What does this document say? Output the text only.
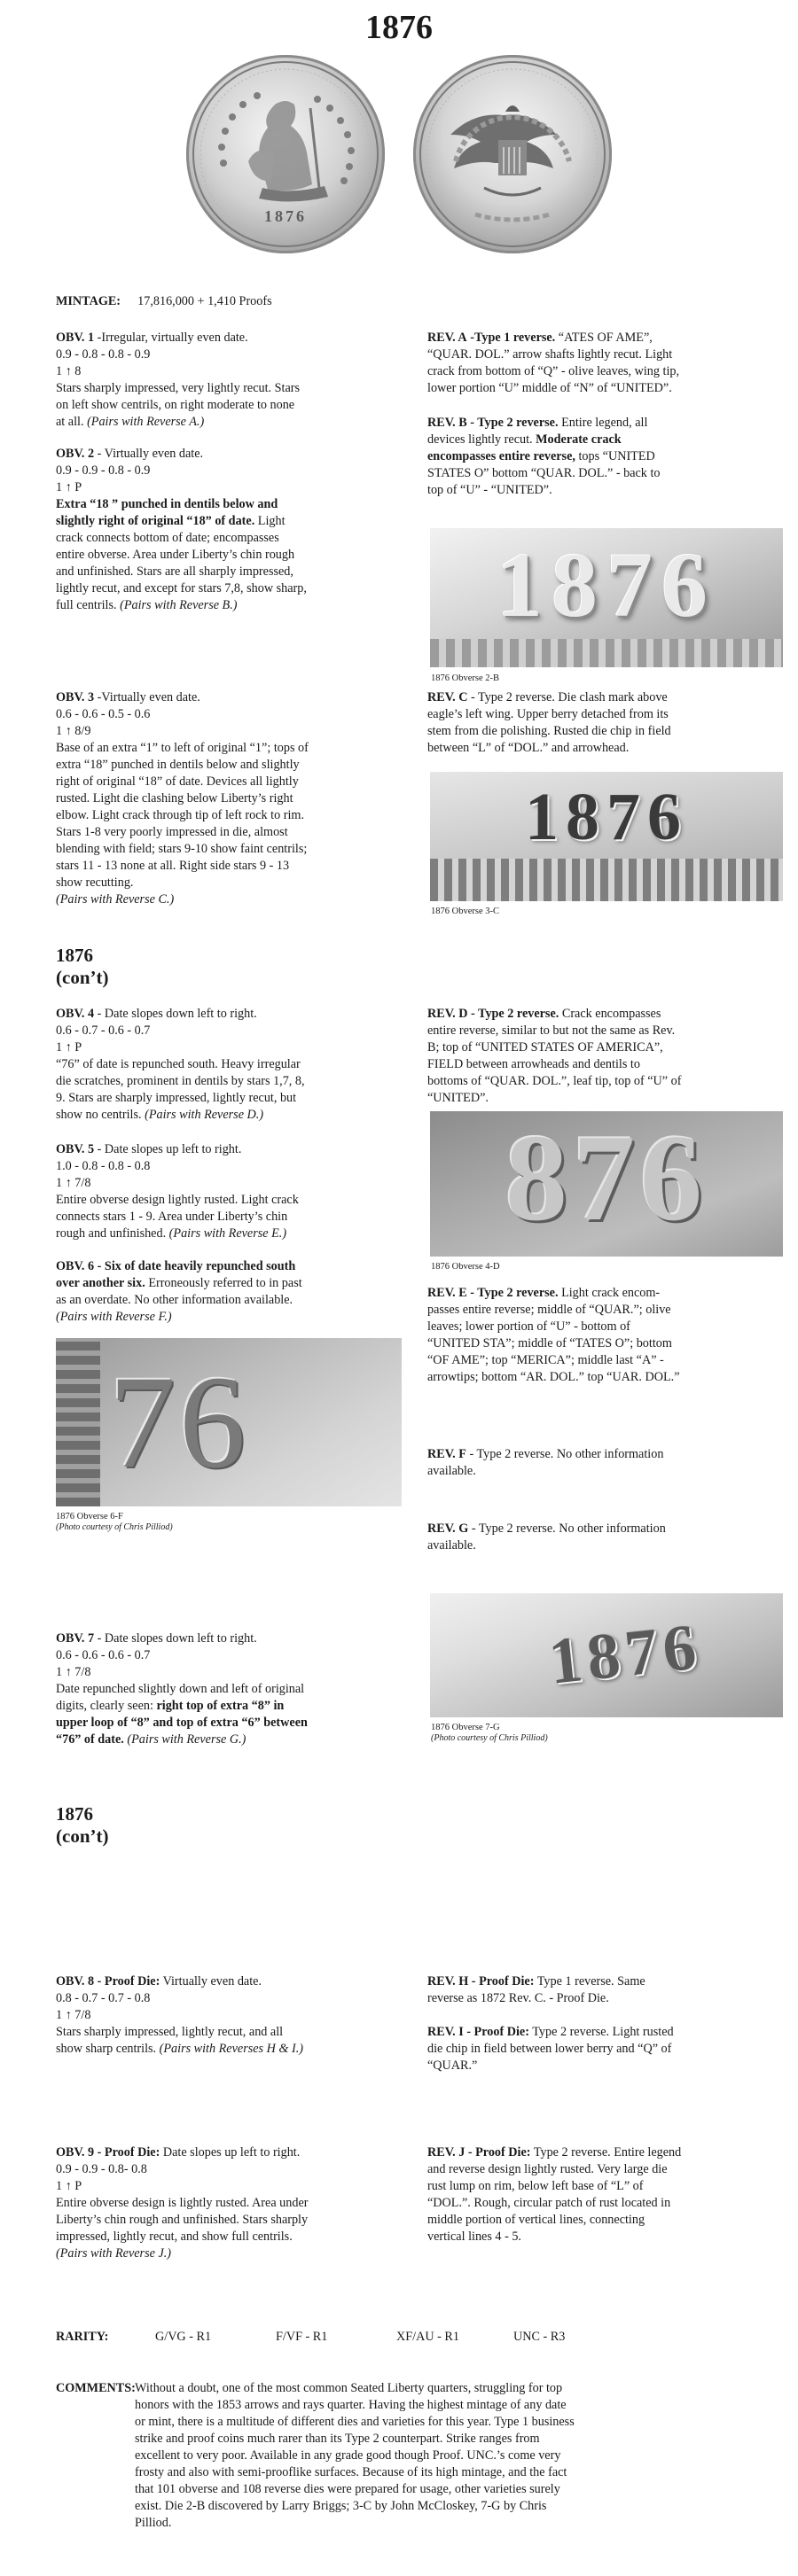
1876
1876
MINTAGE: 17,816,000 + 1,410 Proofs
OBV. 1 -Irregular, virtually even date.
0.9 - 0.8 - 0.8 - 0.9
1 ↑ 8
Stars sharply impressed, very lightly recut. Stars
on left show centrils, on right moderate to none
at all. (Pairs with Reverse A.)
OBV. 2 - Virtually even date.
0.9 - 0.9 - 0.8 - 0.9
1 ↑ P
Extra “18 ” punched in dentils below and
slightly right of original “18” of date. Light
crack connects bottom of date; encompasses
entire obverse. Area under Liberty’s chin rough
and unfinished. Stars are all sharply impressed,
lightly recut, and except for stars 7,8, show sharp,
full centrils. (Pairs with Reverse B.)
OBV. 3 -Virtually even date.
0.6 - 0.6 - 0.5 - 0.6
1 ↑ 8/9
Base of an extra “1” to left of original “1”; tops of
extra “18” punched in dentils below and slightly
right of original “18” of date. Devices all lightly
rusted. Light die clashing below Liberty’s right
elbow. Light crack through tip of left rock to rim.
Stars 1-8 very poorly impressed in die, almost
blending with field; stars 9-10 show faint centrils;
stars 11 - 13 none at all. Right side stars 9 - 13
show recutting.
(Pairs with Reverse C.)
REV. A -Type 1 reverse. “ATES OF AME”,
“QUAR. DOL.” arrow shafts lightly recut. Light
crack from bottom of “Q” - olive leaves, wing tip,
lower portion “U” middle of “N” of “UNITED”.
REV. B - Type 2 reverse. Entire legend, all
devices lightly recut. Moderate crack
encompasses entire reverse, tops “UNITED
STATES O” bottom “QUAR. DOL.” - back to
top of “U” - “UNITED”.
1876
1876 Obverse 2-B
REV. C - Type 2 reverse. Die clash mark above
eagle’s left wing. Upper berry detached from its
stem from die polishing. Rusted die chip in field
between “L” of “DOL.” and arrowhead.
1876
1876 Obverse 3-C
1876
(con’t)
OBV. 4 - Date slopes down left to right.
0.6 - 0.7 - 0.6 - 0.7
1 ↑ P
“76” of date is repunched south. Heavy irregular
die scratches, prominent in dentils by stars 1,7, 8,
9. Stars are sharply impressed, lightly recut, but
show no centrils. (Pairs with Reverse D.)
OBV. 5 - Date slopes up left to right.
1.0 - 0.8 - 0.8 - 0.8
1 ↑ 7/8
Entire obverse design lightly rusted. Light crack
connects stars 1 - 9. Area under Liberty’s chin
rough and unfinished. (Pairs with Reverse E.)
OBV. 6 - Six of date heavily repunched south
over another six. Erroneously referred to in past
as an overdate. No other information available.
(Pairs with Reverse F.)
76
1876 Obverse 6-F
(Photo courtesy of Chris Pilliod)
REV. D - Type 2 reverse. Crack encompasses
entire reverse, similar to but not the same as Rev.
B; top of “UNITED STATES OF AMERICA”,
FIELD between arrowheads and dentils to
bottoms of “QUAR. DOL.”, leaf tip, top of “U” of
“UNITED”.
876
1876 Obverse 4-D
REV. E - Type 2 reverse. Light crack encom-
passes entire reverse; middle of “QUAR.”; olive
leaves; lower portion of “U” - bottom of
“UNITED STA”; middle of “TATES O”; bottom
“OF AME”; top “MERICA”; middle last “A” -
arrowtips; bottom “AR. DOL.” top “UAR. DOL.”
REV. F - Type 2 reverse. No other information
available.
REV. G - Type 2 reverse. No other information
available.
OBV. 7 - Date slopes down left to right.
0.6 - 0.6 - 0.6 - 0.7
1 ↑ 7/8
Date repunched slightly down and left of original
digits, clearly seen: right top of extra “8” in
upper loop of “8” and top of extra “6” between
“76” of date. (Pairs with Reverse G.)
1876
1876 Obverse 7-G
(Photo courtesy of Chris Pilliod)
1876
(con’t)
OBV. 8 - Proof Die: Virtually even date.
0.8 - 0.7 - 0.7 - 0.8
1 ↑ 7/8
Stars sharply impressed, lightly recut, and all
show sharp centrils. (Pairs with Reverses H & I.)
REV. H - Proof Die: Type 1 reverse. Same
reverse as 1872 Rev. C. - Proof Die.
REV. I - Proof Die: Type 2 reverse. Light rusted
die chip in field between lower berry and “Q” of
“QUAR.”
OBV. 9 - Proof Die: Date slopes up left to right.
0.9 - 0.9 - 0.8- 0.8
1 ↑ P
Entire obverse design is lightly rusted. Area under
Liberty’s chin rough and unfinished. Stars sharply
impressed, lightly recut, and show full centrils.
(Pairs with Reverse J.)
REV. J - Proof Die: Type 2 reverse. Entire legend
and reverse design lightly rusted. Very large die
rust lump on rim, below left base of “L” of
“DOL.”. Rough, circular patch of rust located in
middle portion of vertical lines, connecting
vertical lines 4 - 5.
RARITY:	G/VG - R1	F/VF - R1	XF/AU - R1	UNC - R3
COMMENTS: Without a doubt, one of the most common Seated Liberty quarters, struggling for top
honors with the 1853 arrows and rays quarter. Having the highest mintage of any date
or mint, there is a multitude of different dies and varieties for this year. Type 1 business
strike and proof coins much rarer than its Type 2 counterpart. Strike ranges from
excellent to very poor. Available in any grade good though Proof. UNC.’s come very
frosty and also with semi-prooflike surfaces. Because of its high mintage, and the fact
that 101 obverse and 108 reverse dies were prepared for usage, other varieties surely
exist. Die 2-B discovered by Larry Briggs; 3-C by John McCloskey, 7-G by Chris
Pilliod.
